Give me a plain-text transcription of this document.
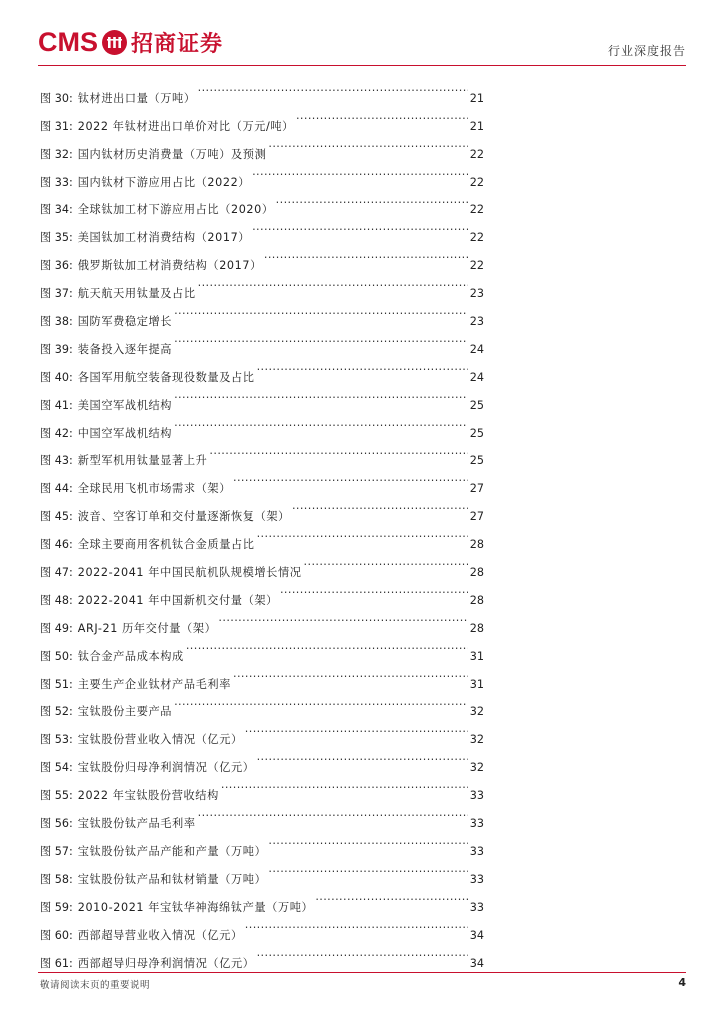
CMS 招商证券	行业深度报告
图 30: 钛材进出口量（万吨） .....	21
图 31: 2022 年钛材进出口单价对比（万元/吨） .....	21
图 32: 国内钛材历史消费量（万吨）及预测 .....	22
图 33: 国内钛材下游应用占比（2022） .....	22
图 34: 全球钛加工材下游应用占比（2020） .....	22
图 35: 美国钛加工材消费结构（2017） .....	22
图 36: 俄罗斯钛加工材消费结构（2017） .....	22
图 37: 航天航天用钛量及占比 .....	23
图 38: 国防军费稳定增长 .....	23
图 39: 装备投入逐年提高 .....	24
图 40: 各国军用航空装备现役数量及占比 .....	24
图 41: 美国空军战机结构 .....	25
图 42: 中国空军战机结构 .....	25
图 43: 新型军机用钛量显著上升 .....	25
图 44: 全球民用飞机市场需求（架） .....	27
图 45: 波音、空客订单和交付量逐渐恢复（架） .....	27
图 46: 全球主要商用客机钛合金质量占比 .....	28
图 47: 2022-2041 年中国民航机队规模增长情况 .....	28
图 48: 2022-2041 年中国新机交付量（架） .....	28
图 49: ARJ-21 历年交付量（架） .....	28
图 50: 钛合金产品成本构成 .....	31
图 51: 主要生产企业钛材产品毛利率 .....	31
图 52: 宝钛股份主要产品 .....	32
图 53: 宝钛股份营业收入情况（亿元） .....	32
图 54: 宝钛股份归母净利润情况（亿元） .....	32
图 55: 2022 年宝钛股份营收结构 .....	33
图 56: 宝钛股份钛产品毛利率 .....	33
图 57: 宝钛股份钛产品产能和产量（万吨） .....	33
图 58: 宝钛股份钛产品和钛材销量（万吨） .....	33
图 59: 2010-2021 年宝钛华神海绵钛产量（万吨） .....	33
图 60: 西部超导营业收入情况（亿元） .....	34
图 61: 西部超导归母净利润情况（亿元） .....	34
敬请阅读末页的重要说明	4
